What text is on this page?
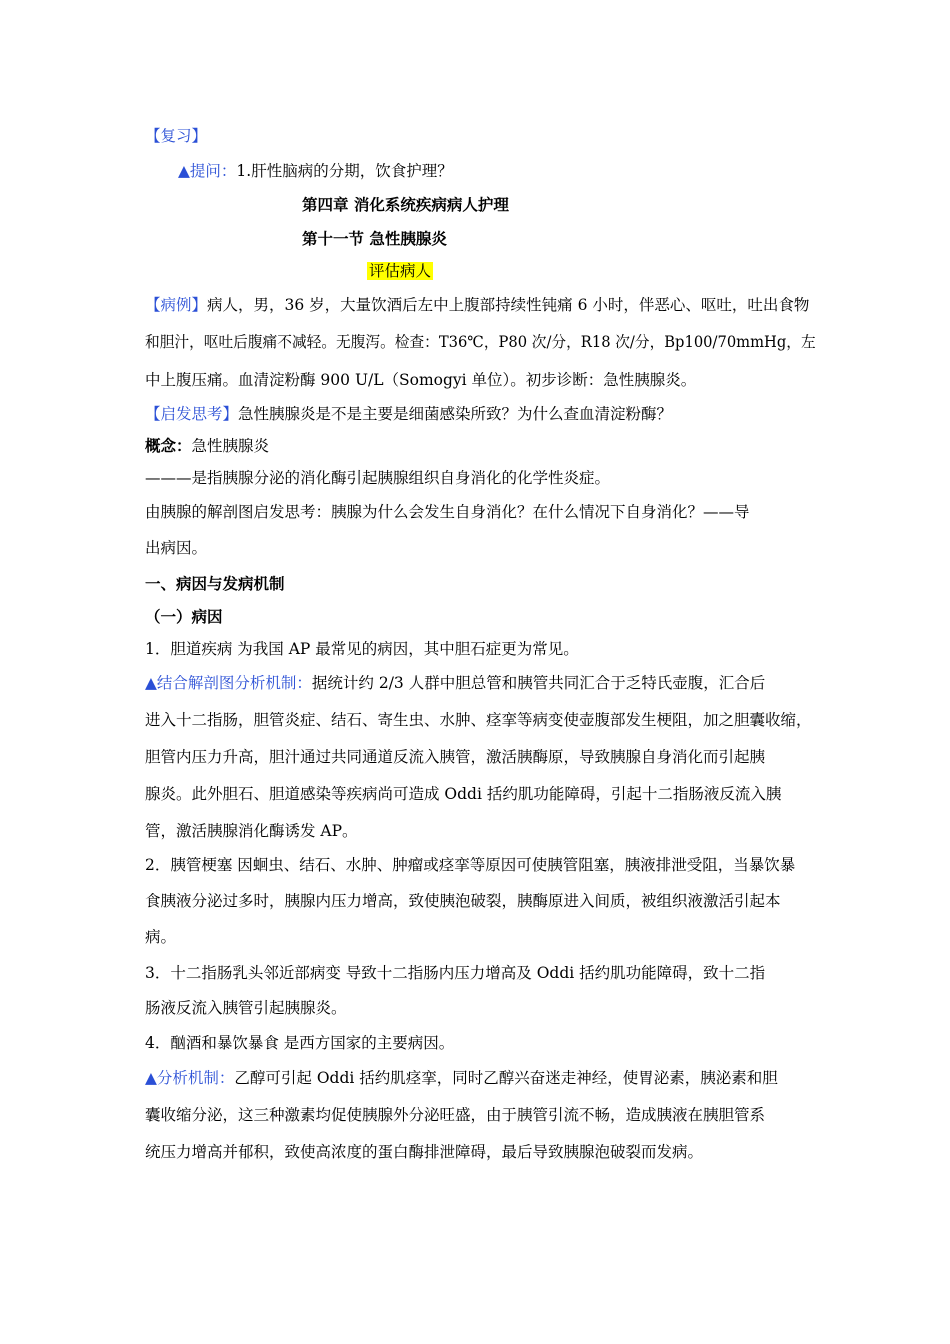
【复习】
▲提问：1.肝性脑病的分期，饮食护理？
第四章 消化系统疾病病人护理
第十一节 急性胰腺炎
评估病人
【病例】病人，男，36 岁，大量饮酒后左中上腹部持续性钝痛 6 小时，伴恶心、呕吐，吐出食物
和胆汁，呕吐后腹痛不减轻。无腹泻。检查：T36℃，P80 次/分，R18 次/分，Bp100/70mmHg，左
中上腹压痛。血清淀粉酶 900 U/L（Somogyi 单位）。初步诊断：急性胰腺炎。
【启发思考】急性胰腺炎是不是主要是细菌感染所致？为什么查血清淀粉酶？
概念：急性胰腺炎
———是指胰腺分泌的消化酶引起胰腺组织自身消化的化学性炎症。
由胰腺的解剖图启发思考：胰腺为什么会发生自身消化？在什么情况下自身消化？——导
出病因。
一、病因与发病机制
（一）病因
1．胆道疾病 为我国 AP 最常见的病因，其中胆石症更为常见。
▲结合解剖图分析机制：据统计约 2/3 人群中胆总管和胰管共同汇合于乏特氏壶腹，汇合后
进入十二指肠，胆管炎症、结石、寄生虫、水肿、痉挛等病变使壶腹部发生梗阻，加之胆囊收缩，
胆管内压力升高，胆汁通过共同通道反流入胰管，激活胰酶原，导致胰腺自身消化而引起胰
腺炎。此外胆石、胆道感染等疾病尚可造成 Oddi 括约肌功能障碍，引起十二指肠液反流入胰
管，激活胰腺消化酶诱发 AP。
2．胰管梗塞 因蛔虫、结石、水肿、肿瘤或痉挛等原因可使胰管阻塞，胰液排泄受阻，当暴饮暴
食胰液分泌过多时，胰腺内压力增高，致使胰泡破裂，胰酶原进入间质，被组织液激活引起本
病。
3．十二指肠乳头邻近部病变 导致十二指肠内压力增高及 Oddi 括约肌功能障碍，致十二指
肠液反流入胰管引起胰腺炎。
4．酗酒和暴饮暴食 是西方国家的主要病因。
▲分析机制：乙醇可引起 Oddi 括约肌痉挛，同时乙醇兴奋迷走神经，使胃泌素，胰泌素和胆
囊收缩分泌，这三种激素均促使胰腺外分泌旺盛，由于胰管引流不畅，造成胰液在胰胆管系
统压力增高并郁积，致使高浓度的蛋白酶排泄障碍，最后导致胰腺泡破裂而发病。
